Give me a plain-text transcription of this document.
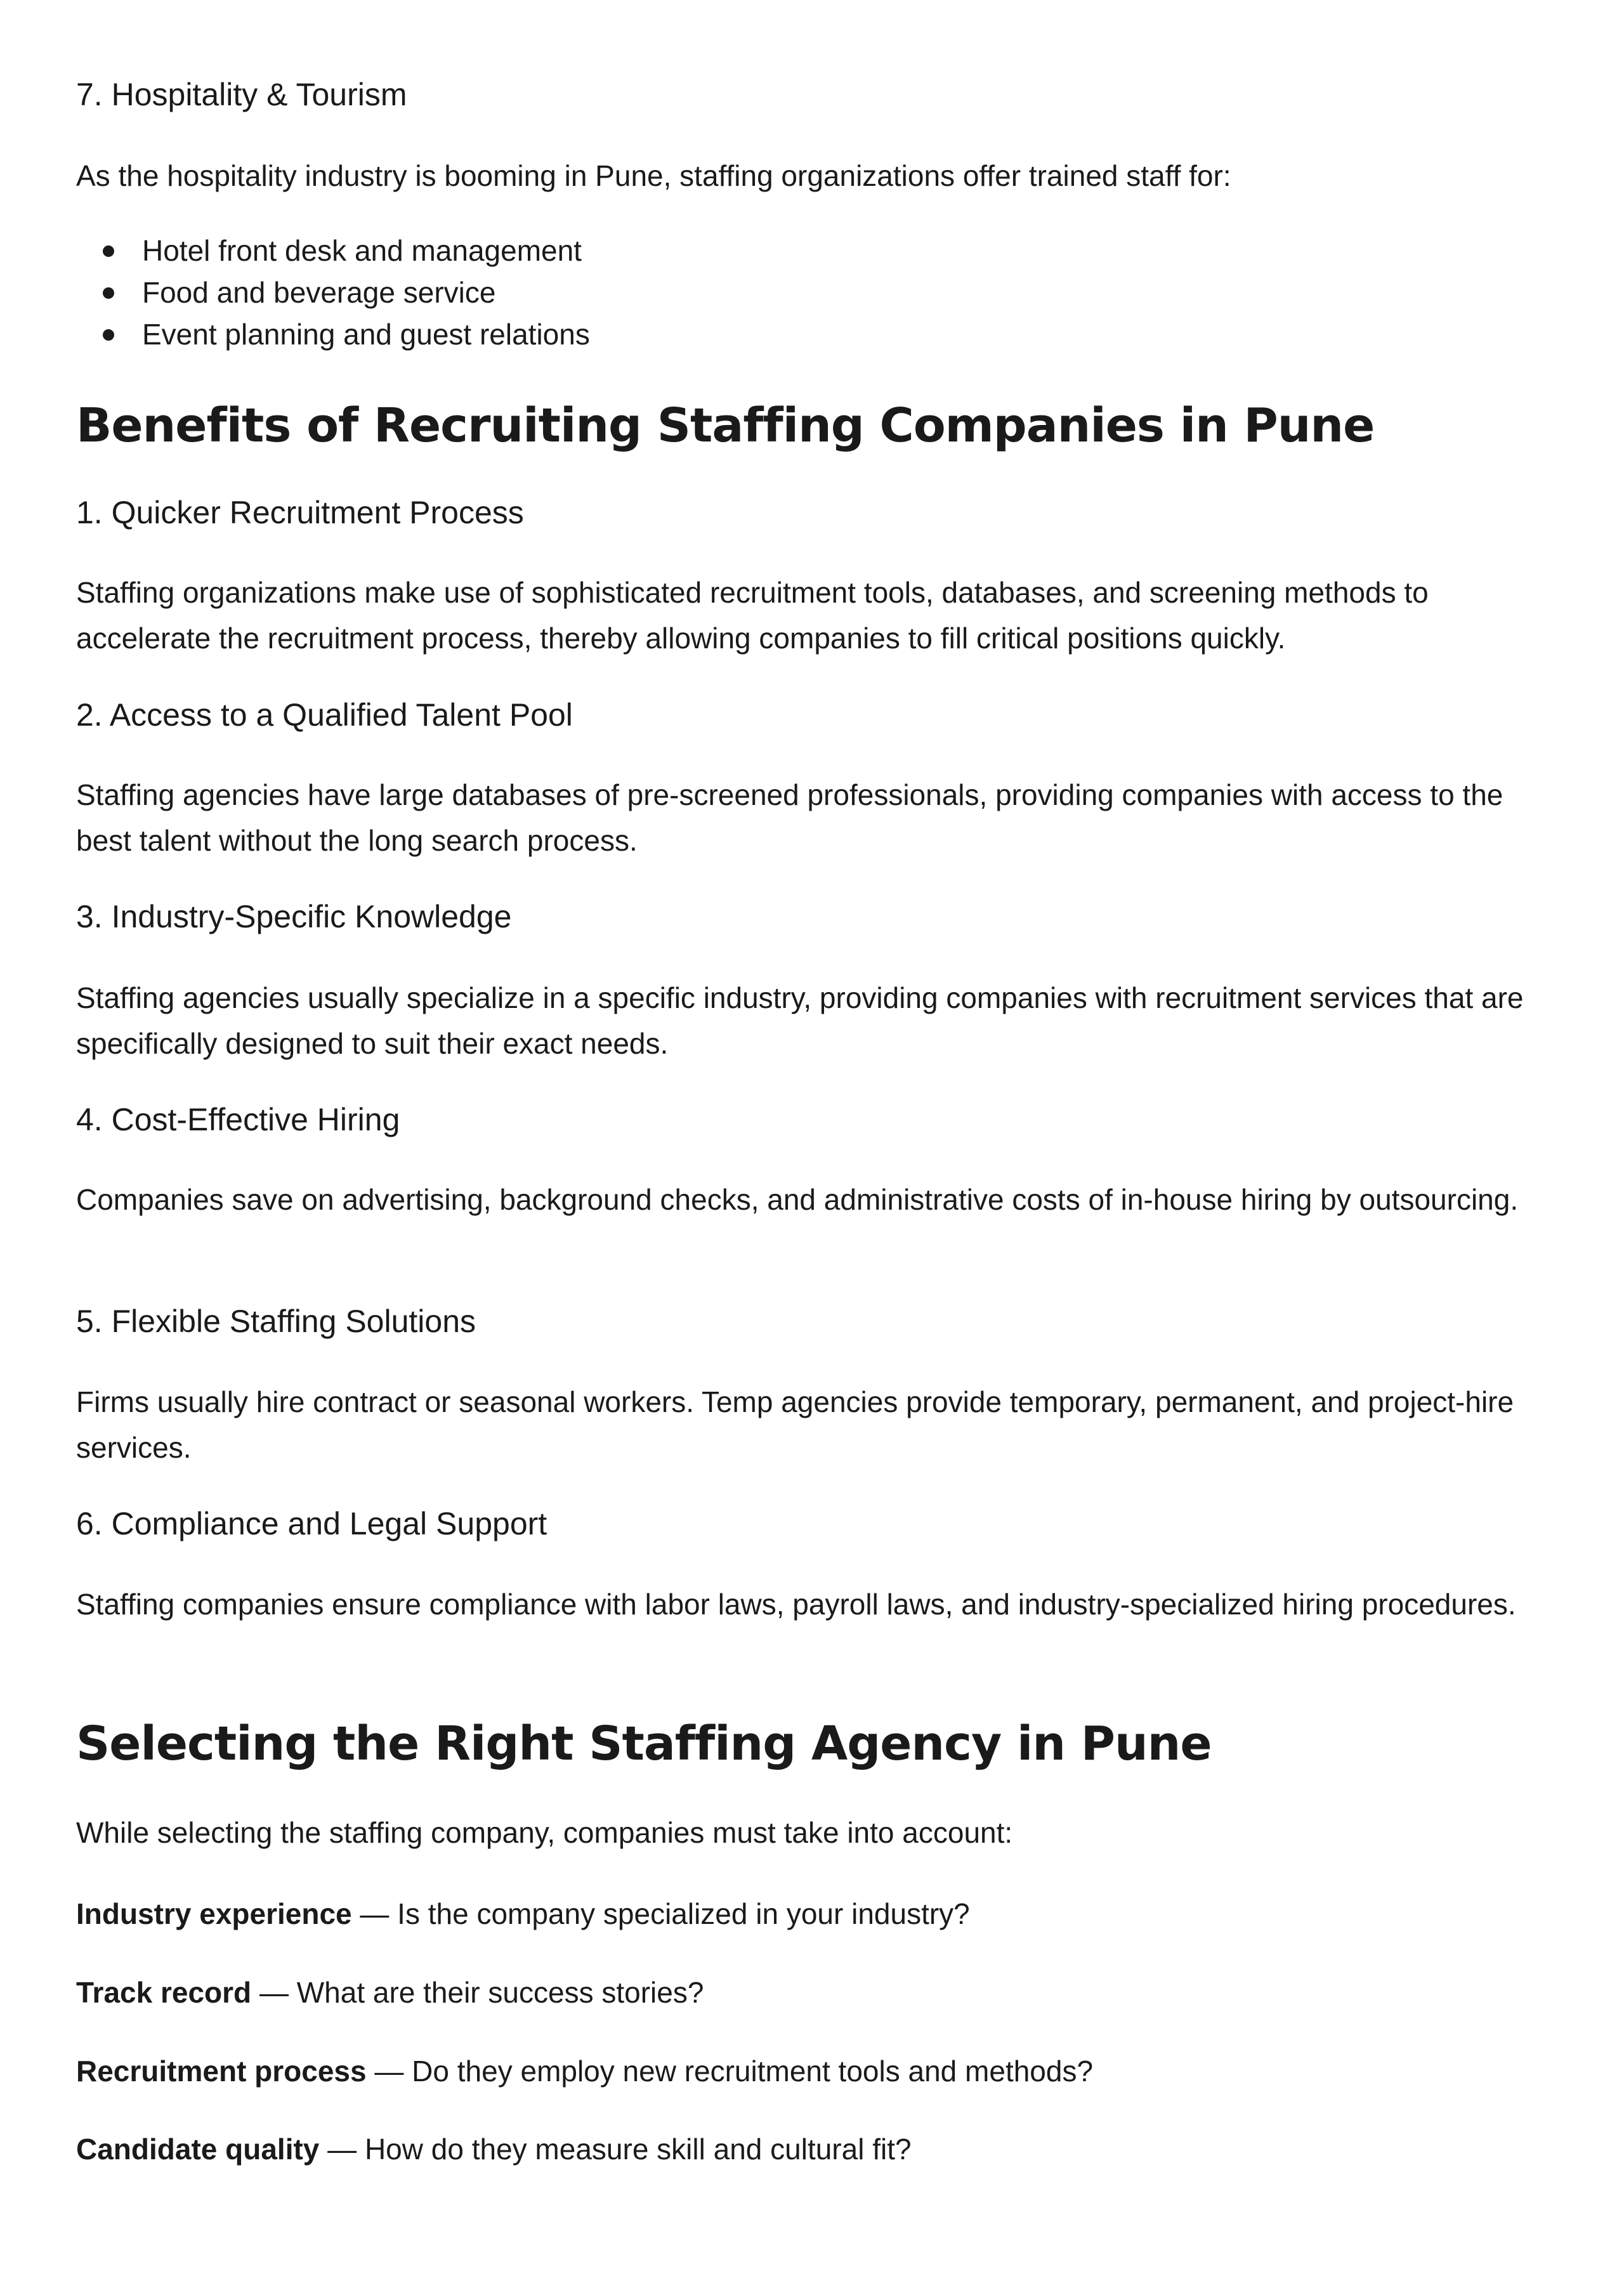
7. Hospitality & Tourism

As the hospitality industry is booming in Pune, staffing organizations offer trained staff for:

Hotel front desk and management
Food and beverage service
Event planning and guest relations
Benefits of Recruiting Staffing Companies in Pune
1. Quicker Recruitment Process

Staffing organizations make use of sophisticated recruitment tools, databases, and screening methods to accelerate the recruitment process, thereby allowing companies to fill critical positions quickly.

2. Access to a Qualified Talent Pool

Staffing agencies have large databases of pre-screened professionals, providing companies with access to the best talent without the long search process.

3. Industry-Specific Knowledge

Staffing agencies usually specialize in a specific industry, providing companies with recruitment services that are specifically designed to suit their exact needs.

4. Cost-Effective Hiring

Companies save on advertising, background checks, and administrative costs of in-house hiring by outsourcing.

5. Flexible Staffing Solutions

Firms usually hire contract or seasonal workers. Temp agencies provide temporary, permanent, and project-hire services.

6. Compliance and Legal Support

Staffing companies ensure compliance with labor laws, payroll laws, and industry-specialized hiring procedures.

Selecting the Right Staffing Agency in Pune

While selecting the staffing company, companies must take into account:

Industry experience — Is the company specialized in your industry?

Track record — What are their success stories?

Recruitment process — Do they employ new recruitment tools and methods?

Candidate quality — How do they measure skill and cultural fit?
